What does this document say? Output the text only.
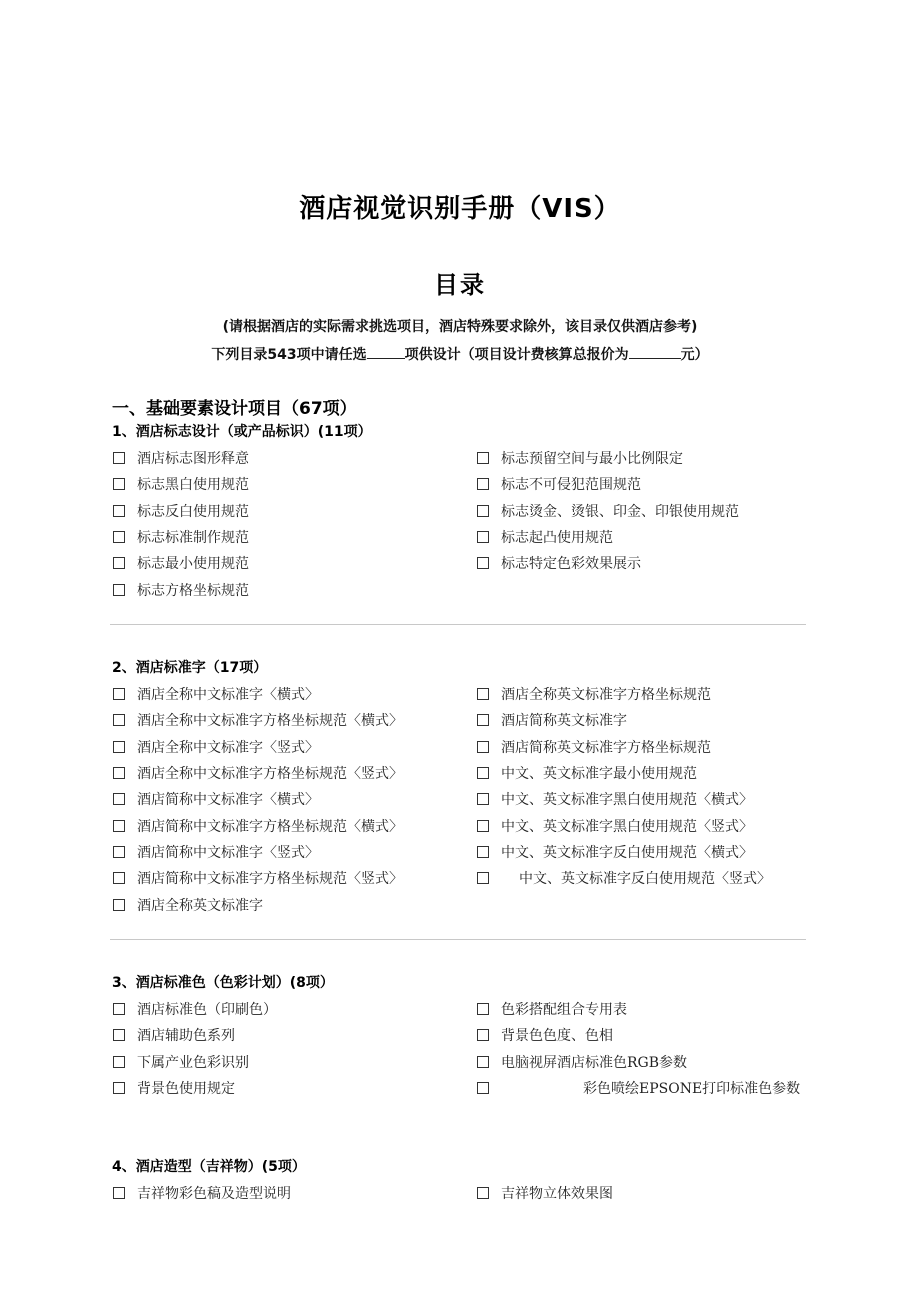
酒店视觉识别手册（VIS）
目录
(请根据酒店的实际需求挑选项目，酒店特殊要求除外，该目录仅供酒店参考)
下列目录543项中请任选	项供设计（项目设计费核算总报价为	元）
一、基础要素设计项目（67项）
1、酒店标志设计（或产品标识）(11项）
酒店标志图形释意	标志预留空间与最小比例限定
标志黑白使用规范	标志不可侵犯范围规范
标志反白使用规范	标志烫金、烫银、印金、印银使用规范
标志标准制作规范	标志起凸使用规范
标志最小使用规范	标志特定色彩效果展示
标志方格坐标规范
2、酒店标准字（17项）
酒店全称中文标准字〈横式〉	酒店全称英文标准字方格坐标规范
酒店全称中文标准字方格坐标规范〈横式〉	酒店简称英文标准字
酒店全称中文标准字〈竖式〉	酒店简称英文标准字方格坐标规范
酒店全称中文标准字方格坐标规范〈竖式〉	中文、英文标准字最小使用规范
酒店简称中文标准字〈横式〉	中文、英文标准字黑白使用规范〈横式〉
酒店简称中文标准字方格坐标规范〈横式〉	中文、英文标准字黑白使用规范〈竖式〉
酒店简称中文标准字〈竖式〉	中文、英文标准字反白使用规范〈横式〉
酒店简称中文标准字方格坐标规范〈竖式〉	中文、英文标准字反白使用规范〈竖式〉
酒店全称英文标准字
3、酒店标准色（色彩计划）(8项）
酒店标准色（印刷色）	色彩搭配组合专用表
酒店辅助色系列	背景色色度、色相
下属产业色彩识别	电脑视屏酒店标准色RGB参数
背景色使用规定	彩色喷绘EPSONE打印标准色参数
4、酒店造型（吉祥物）(5项）
吉祥物彩色稿及造型说明	吉祥物立体效果图
